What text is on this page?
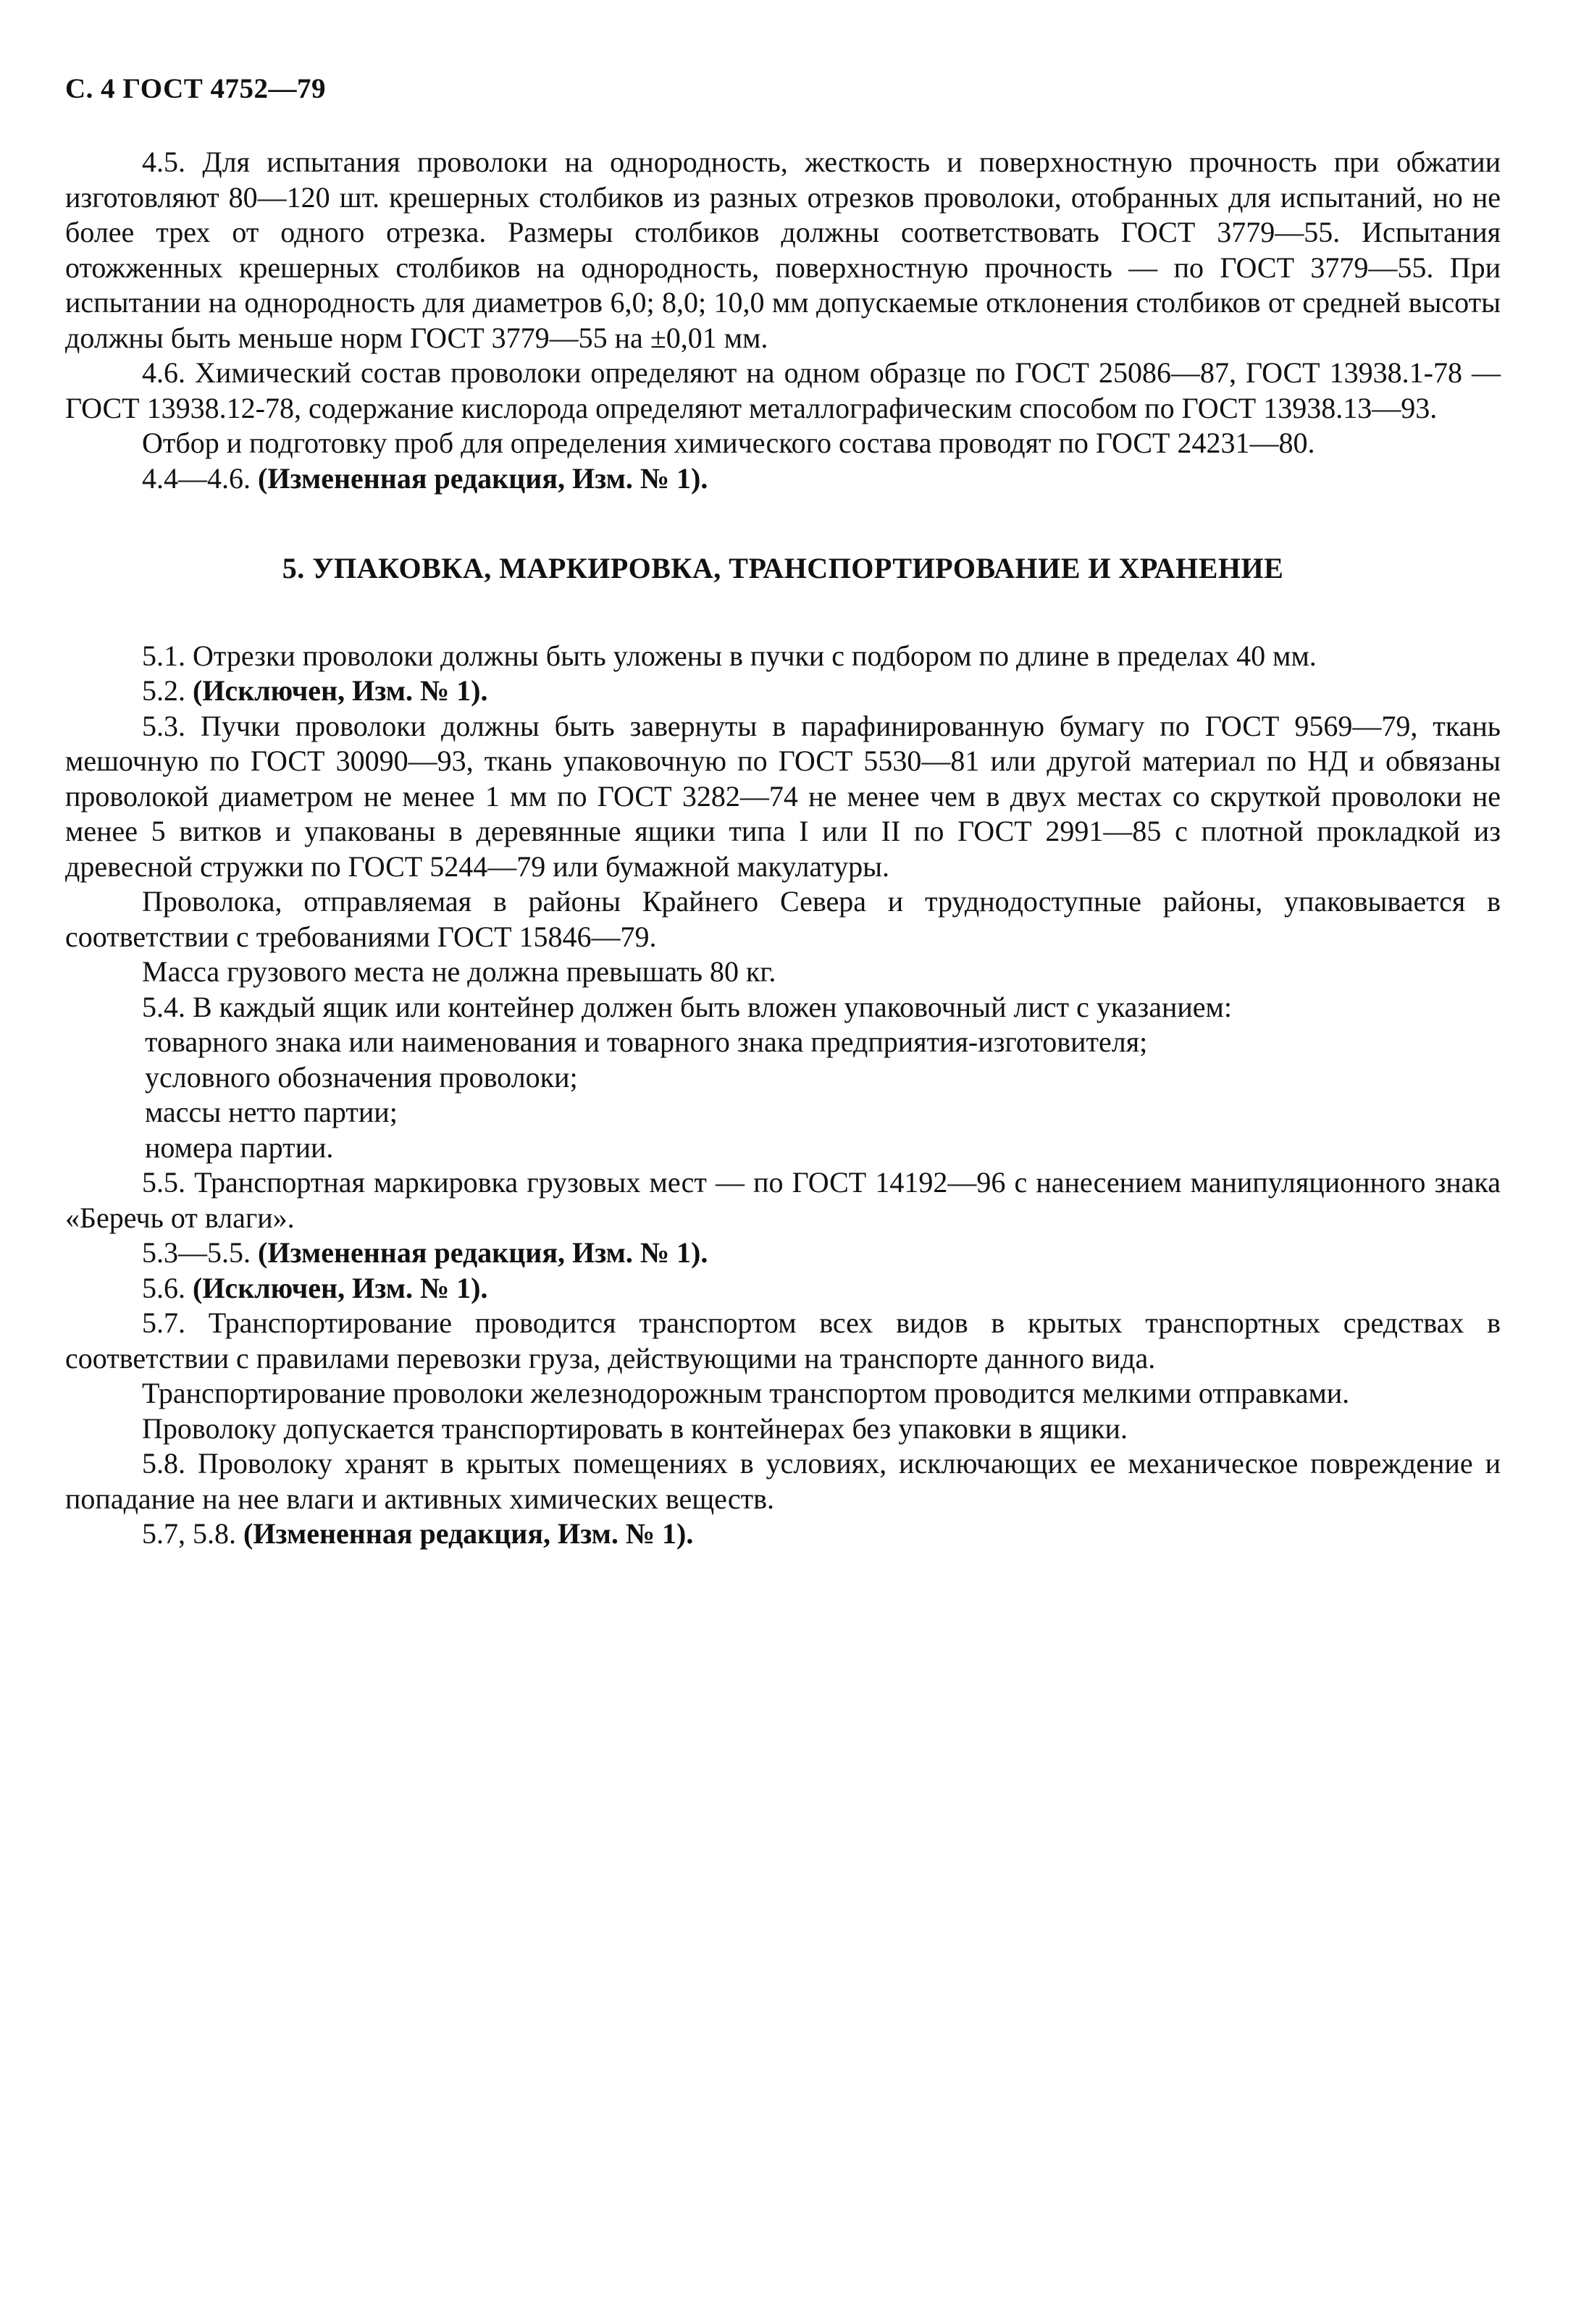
С. 4 ГОСТ 4752—79

4.5. Для испытания проволоки на однородность, жесткость и поверхностную прочность при обжатии изготовляют 80—120 шт. крешерных столбиков из разных отрезков проволоки, отобранных для испытаний, но не более трех от одного отрезка. Размеры столбиков должны соответствовать ГОСТ 3779—55. Испытания отожженных крешерных столбиков на однородность, поверхностную прочность — по ГОСТ 3779—55. При испытании на однородность для диаметров 6,0; 8,0; 10,0 мм допускаемые отклонения столбиков от средней высоты должны быть меньше норм ГОСТ 3779—55 на ±0,01 мм.

4.6. Химический состав проволоки определяют на одном образце по ГОСТ 25086—87, ГОСТ 13938.1-78 — ГОСТ 13938.12-78, содержание кислорода определяют металлографическим способом по ГОСТ 13938.13—93.

Отбор и подготовку проб для определения химического состава проводят по ГОСТ 24231—80.

4.4—4.6. (Измененная редакция, Изм. № 1).

5. УПАКОВКА, МАРКИРОВКА, ТРАНСПОРТИРОВАНИЕ И ХРАНЕНИЕ

5.1. Отрезки проволоки должны быть уложены в пучки с подбором по длине в пределах 40 мм.

5.2. (Исключен, Изм. № 1).

5.3. Пучки проволоки должны быть завернуты в парафинированную бумагу по ГОСТ 9569—79, ткань мешочную по ГОСТ 30090—93, ткань упаковочную по ГОСТ 5530—81 или другой материал по НД и обвязаны проволокой диаметром не менее 1 мм по ГОСТ 3282—74 не менее чем в двух местах со скруткой проволоки не менее 5 витков и упакованы в деревянные ящики типа I или II по ГОСТ 2991—85 с плотной прокладкой из древесной стружки по ГОСТ 5244—79 или бумажной макулатуры.

Проволока, отправляемая в районы Крайнего Севера и труднодоступные районы, упаковывается в соответствии с требованиями ГОСТ 15846—79.

Масса грузового места не должна превышать 80 кг.

5.4. В каждый ящик или контейнер должен быть вложен упаковочный лист с указанием:

товарного знака или наименования и товарного знака предприятия-изготовителя;
условного обозначения проволоки;
массы нетто партии;
номера партии.

5.5. Транспортная маркировка грузовых мест — по ГОСТ 14192—96 с нанесением манипуляционного знака «Беречь от влаги».

5.3—5.5. (Измененная редакция, Изм. № 1).

5.6. (Исключен, Изм. № 1).

5.7. Транспортирование проводится транспортом всех видов в крытых транспортных средствах в соответствии с правилами перевозки груза, действующими на транспорте данного вида.

Транспортирование проволоки железнодорожным транспортом проводится мелкими отправками.

Проволоку допускается транспортировать в контейнерах без упаковки в ящики.

5.8. Проволоку хранят в крытых помещениях в условиях, исключающих ее механическое повреждение и попадание на нее влаги и активных химических веществ.

5.7, 5.8. (Измененная редакция, Изм. № 1).
